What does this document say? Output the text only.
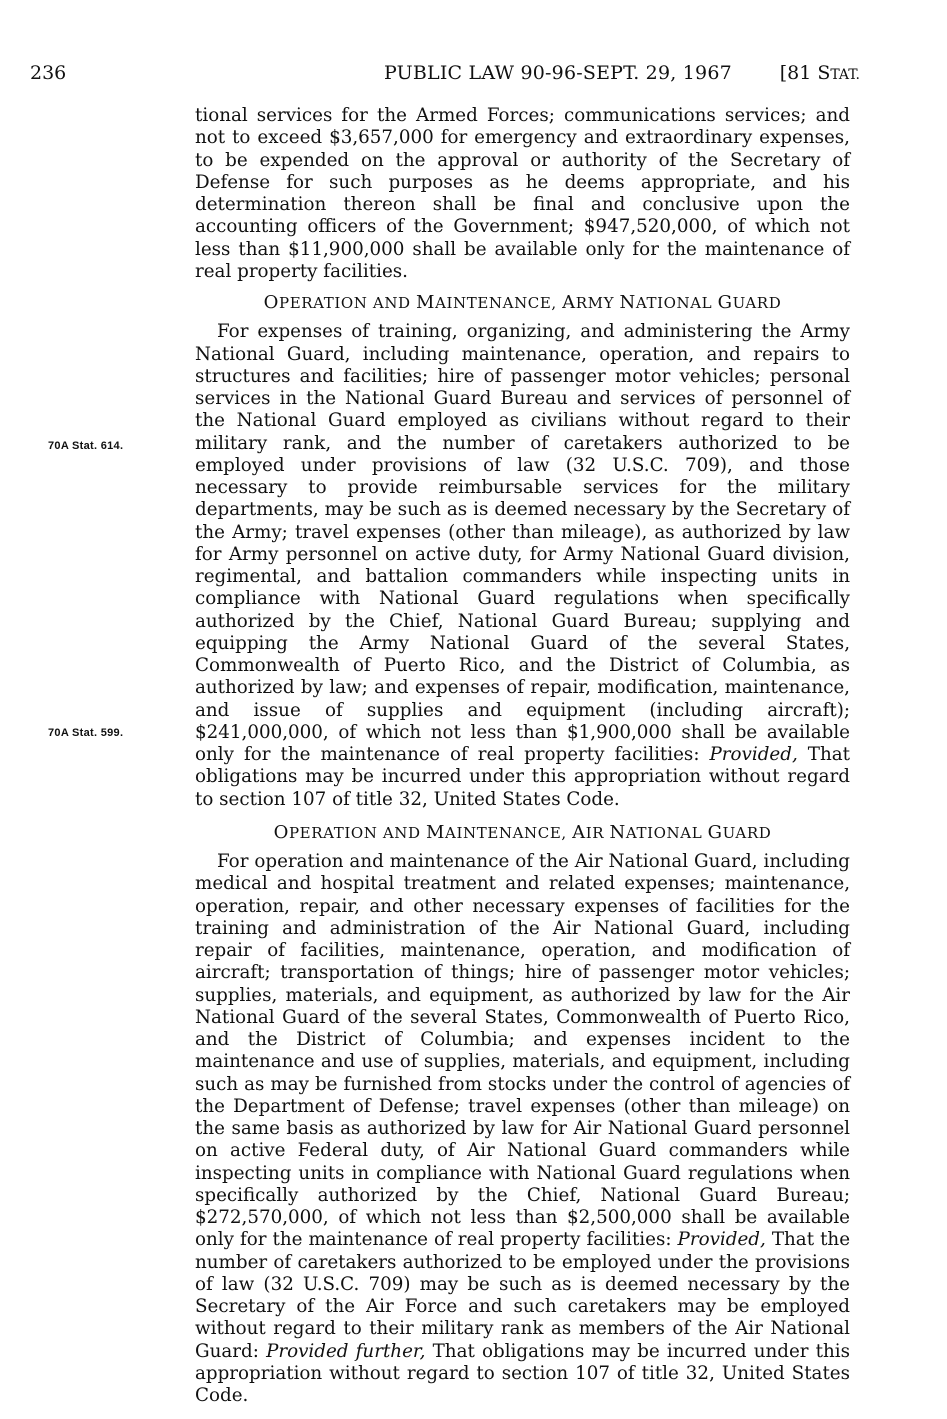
236	PUBLIC LAW 90-96-SEPT. 29, 1967	[81 STAT.
70A Stat. 614.
70A Stat. 599.

tional services for the Armed Forces; communications services; and not to exceed $3,657,000 for emergency and extraordinary expenses, to be expended on the approval or authority of the Secretary of Defense for such purposes as he deems appropriate, and his determination thereon shall be final and conclusive upon the accounting officers of the Government; $947,520,000, of which not less than $11,900,000 shall be available only for the maintenance of real property facilities.

OPERATION AND MAINTENANCE, ARMY NATIONAL GUARD

For expenses of training, organizing, and administering the Army National Guard, including maintenance, operation, and repairs to structures and facilities; hire of passenger motor vehicles; personal services in the National Guard Bureau and services of personnel of the National Guard employed as civilians without regard to their military rank, and the number of caretakers authorized to be employed under provisions of law (32 U.S.C. 709), and those necessary to provide reimbursable services for the military departments, may be such as is deemed necessary by the Secretary of the Army; travel expenses (other than mileage), as authorized by law for Army personnel on active duty, for Army National Guard division, regimental, and battalion commanders while inspecting units in compliance with National Guard regulations when specifically authorized by the Chief, National Guard Bureau; supplying and equipping the Army National Guard of the several States, Commonwealth of Puerto Rico, and the District of Columbia, as authorized by law; and expenses of repair, modification, maintenance, and issue of supplies and equipment (including aircraft); $241,000,000, of which not less than $1,900,000 shall be available only for the maintenance of real property facilities: Provided, That obligations may be incurred under this appropriation without regard to section 107 of title 32, United States Code.

OPERATION AND MAINTENANCE, AIR NATIONAL GUARD

For operation and maintenance of the Air National Guard, including medical and hospital treatment and related expenses; maintenance, operation, repair, and other necessary expenses of facilities for the training and administration of the Air National Guard, including repair of facilities, maintenance, operation, and modification of aircraft; transportation of things; hire of passenger motor vehicles; supplies, materials, and equipment, as authorized by law for the Air National Guard of the several States, Commonwealth of Puerto Rico, and the District of Columbia; and expenses incident to the maintenance and use of supplies, materials, and equipment, including such as may be furnished from stocks under the control of agencies of the Department of Defense; travel expenses (other than mileage) on the same basis as authorized by law for Air National Guard personnel on active Federal duty, of Air National Guard commanders while inspecting units in compliance with National Guard regulations when specifically authorized by the Chief, National Guard Bureau; $272,570,000, of which not less than $2,500,000 shall be available only for the maintenance of real property facilities: Provided, That the number of caretakers authorized to be employed under the provisions of law (32 U.S.C. 709) may be such as is deemed necessary by the Secretary of the Air Force and such caretakers may be employed without regard to their military rank as members of the Air National Guard: Provided further, That obligations may be incurred under this appropriation without regard to section 107 of title 32, United States Code.
